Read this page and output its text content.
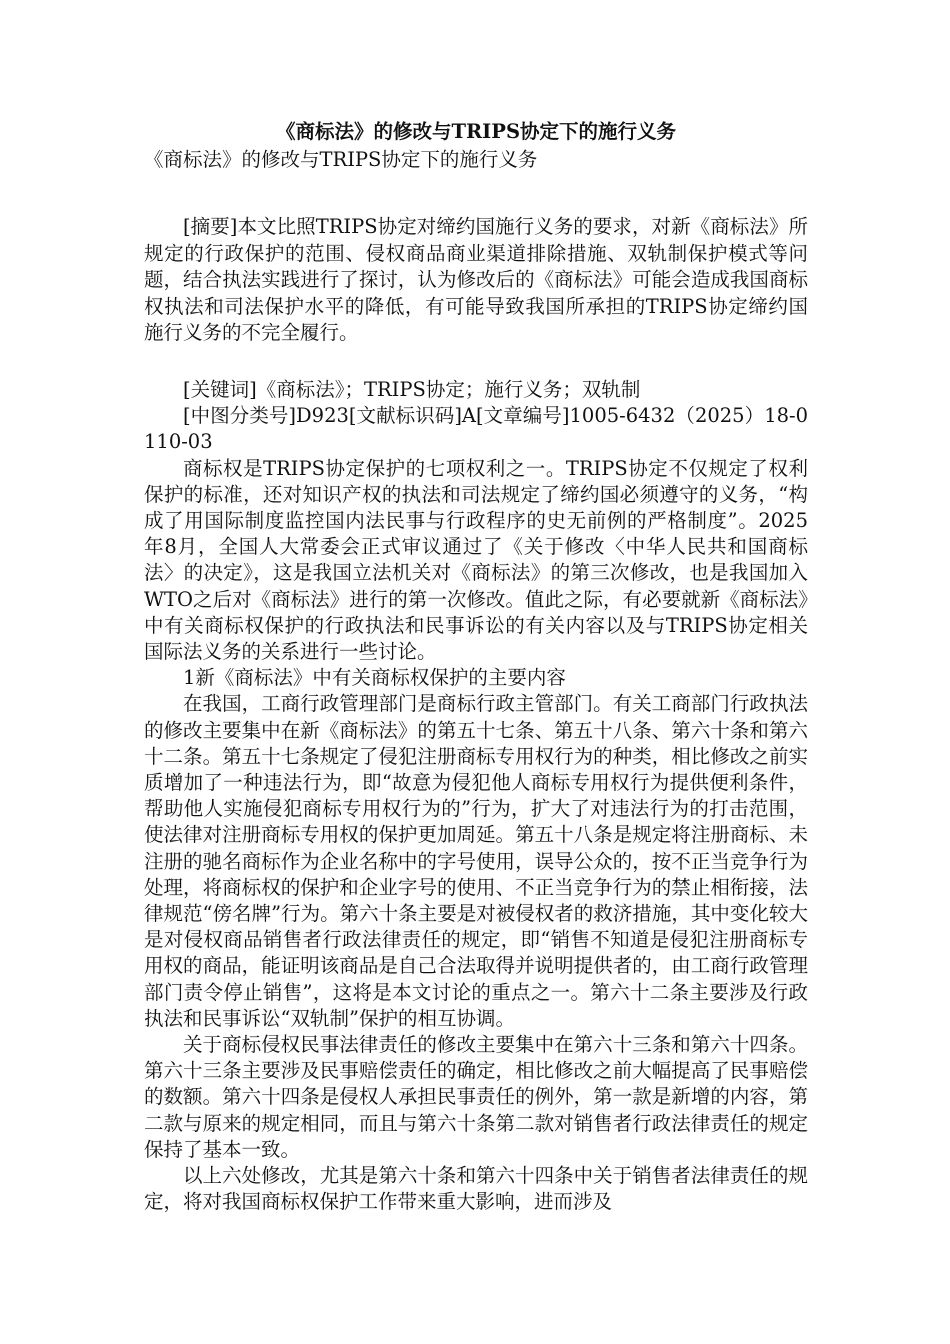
《商标法》的修改与TRIPS协定下的施行义务
《商标法》的修改与TRIPS协定下的施行义务

[摘要]本文比照TRIPS协定对缔约国施行义务的要求，对新《商标法》所规定的行政保护的范围、侵权商品商业渠道排除措施、双轨制保护模式等问题，结合执法实践进行了探讨，认为修改后的《商标法》可能会造成我国商标权执法和司法保护水平的降低，有可能导致我国所承担的TRIPS协定缔约国施行义务的不完全履行。

[关键词]《商标法》；TRIPS协定；施行义务；双轨制

[中图分类号]D923[文献标识码]A[文章编号]1005-6432（2025）18-0110-03

商标权是TRIPS协定保护的七项权利之一。TRIPS协定不仅规定了权利保护的标准，还对知识产权的执法和司法规定了缔约国必须遵守的义务，“构成了用国际制度监控国内法民事与行政程序的史无前例的严格制度”。2025年8月，全国人大常委会正式审议通过了《关于修改〈中华人民共和国商标法〉的决定》，这是我国立法机关对《商标法》的第三次修改，也是我国加入WTO之后对《商标法》进行的第一次修改。值此之际，有必要就新《商标法》中有关商标权保护的行政执法和民事诉讼的有关内容以及与TRIPS协定相关国际法义务的关系进行一些讨论。

1新《商标法》中有关商标权保护的主要内容

在我国，工商行政管理部门是商标行政主管部门。有关工商部门行政执法的修改主要集中在新《商标法》的第五十七条、第五十八条、第六十条和第六十二条。第五十七条规定了侵犯注册商标专用权行为的种类，相比修改之前实质增加了一种违法行为，即“故意为侵犯他人商标专用权行为提供便利条件，帮助他人实施侵犯商标专用权行为的”行为，扩大了对违法行为的打击范围，使法律对注册商标专用权的保护更加周延。第五十八条是规定将注册商标、未注册的驰名商标作为企业名称中的字号使用，误导公众的，按不正当竞争行为处理，将商标权的保护和企业字号的使用、不正当竞争行为的禁止相衔接，法律规范“傍名牌”行为。第六十条主要是对被侵权者的救济措施，其中变化较大是对侵权商品销售者行政法律责任的规定，即“销售不知道是侵犯注册商标专用权的商品，能证明该商品是自己合法取得并说明提供者的，由工商行政管理部门责令停止销售”，这将是本文讨论的重点之一。第六十二条主要涉及行政执法和民事诉讼“双轨制”保护的相互协调。

关于商标侵权民事法律责任的修改主要集中在第六十三条和第六十四条。第六十三条主要涉及民事赔偿责任的确定，相比修改之前大幅提高了民事赔偿的数额。第六十四条是侵权人承担民事责任的例外，第一款是新增的内容，第二款与原来的规定相同，而且与第六十条第二款对销售者行政法律责任的规定保持了基本一致。

以上六处修改，尤其是第六十条和第六十四条中关于销售者法律责任的规定，将对我国商标权保护工作带来重大影响，进而涉及
